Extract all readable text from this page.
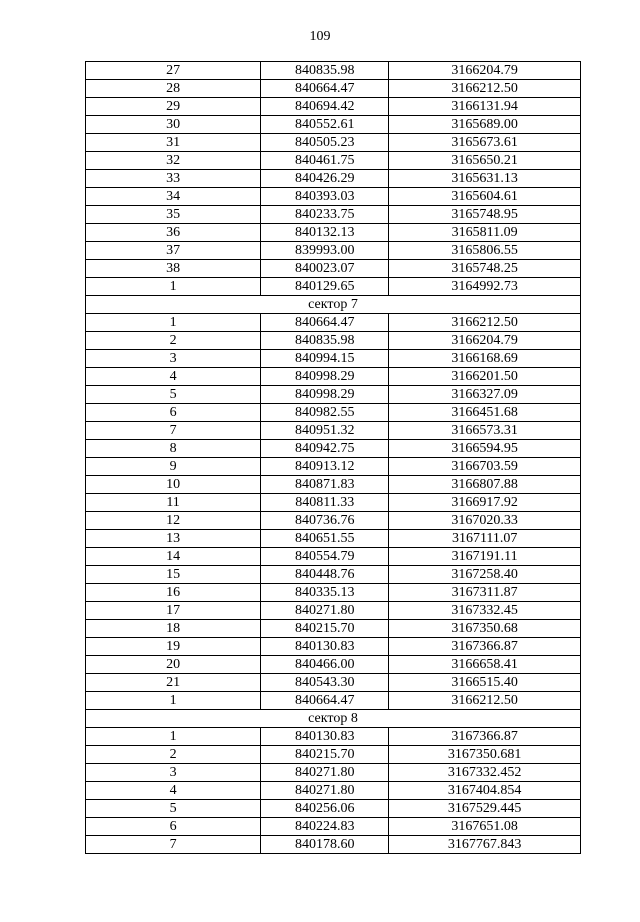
109
27	840835.98	3166204.79
28	840664.47	3166212.50
29	840694.42	3166131.94
30	840552.61	3165689.00
31	840505.23	3165673.61
32	840461.75	3165650.21
33	840426.29	3165631.13
34	840393.03	3165604.61
35	840233.75	3165748.95
36	840132.13	3165811.09
37	839993.00	3165806.55
38	840023.07	3165748.25
1	840129.65	3164992.73
сектор 7		
1	840664.47	3166212.50
2	840835.98	3166204.79
3	840994.15	3166168.69
4	840998.29	3166201.50
5	840998.29	3166327.09
6	840982.55	3166451.68
7	840951.32	3166573.31
8	840942.75	3166594.95
9	840913.12	3166703.59
10	840871.83	3166807.88
11	840811.33	3166917.92
12	840736.76	3167020.33
13	840651.55	3167111.07
14	840554.79	3167191.11
15	840448.76	3167258.40
16	840335.13	3167311.87
17	840271.80	3167332.45
18	840215.70	3167350.68
19	840130.83	3167366.87
20	840466.00	3166658.41
21	840543.30	3166515.40
1	840664.47	3166212.50
сектор 8		
1	840130.83	3167366.87
2	840215.70	3167350.681
3	840271.80	3167332.452
4	840271.80	3167404.854
5	840256.06	3167529.445
6	840224.83	3167651.08
7	840178.60	3167767.843
